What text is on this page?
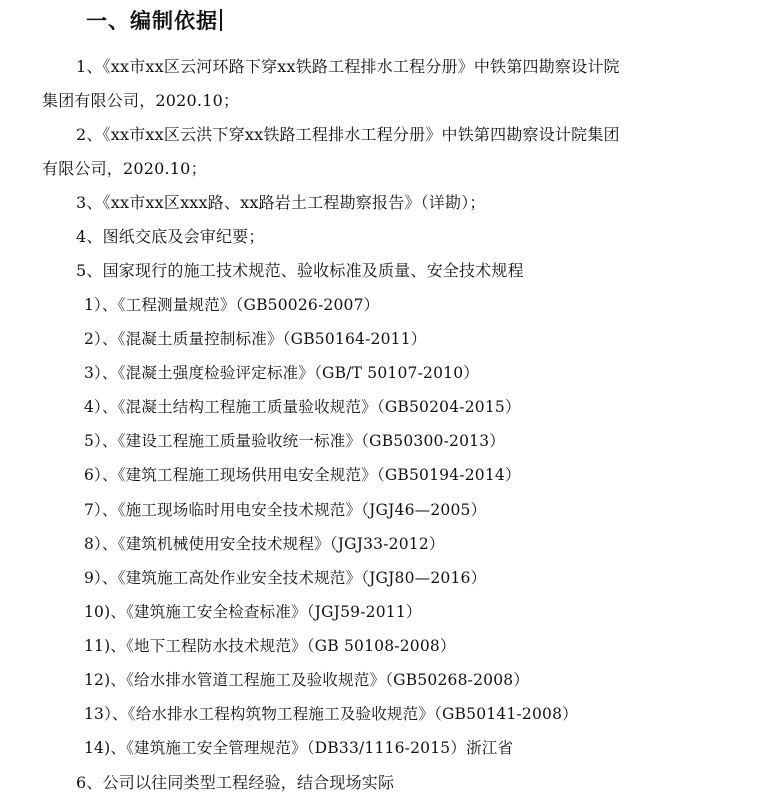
一、编制依据
1、《xx市xx区云河环路下穿xx铁路工程排水工程分册》中铁第四勘察设计院
集团有限公司，2020.10；
2、《xx市xx区云洪下穿xx铁路工程排水工程分册》中铁第四勘察设计院集团
有限公司，2020.10；
3、《xx市xx区xxx路、xx路岩土工程勘察报告》（详勘）；
4、图纸交底及会审纪要；
5、国家现行的施工技术规范、验收标准及质量、安全技术规程
1）、《工程测量规范》（GB50026-2007）
2）、《混凝土质量控制标准》（GB50164-2011）
3）、《混凝土强度检验评定标准》（GB/T 50107-2010）
4）、《混凝土结构工程施工质量验收规范》（GB50204-2015）
5）、《建设工程施工质量验收统一标准》（GB50300-2013）
6）、《建筑工程施工现场供用电安全规范》（GB50194-2014）
7）、《施工现场临时用电安全技术规范》（JGJ46—2005）
8）、《建筑机械使用安全技术规程》（JGJ33-2012）
9）、《建筑施工高处作业安全技术规范》（JGJ80—2016）
10)、《建筑施工安全检查标准》（JGJ59-2011）
11)、《地下工程防水技术规范》（GB 50108-2008）
12)、《给水排水管道工程施工及验收规范》（GB50268-2008）
13）、《给水排水工程构筑物工程施工及验收规范》（GB50141-2008）
14)、《建筑施工安全管理规范》（DB33/1116-2015）浙江省
6、公司以往同类型工程经验，结合现场实际
